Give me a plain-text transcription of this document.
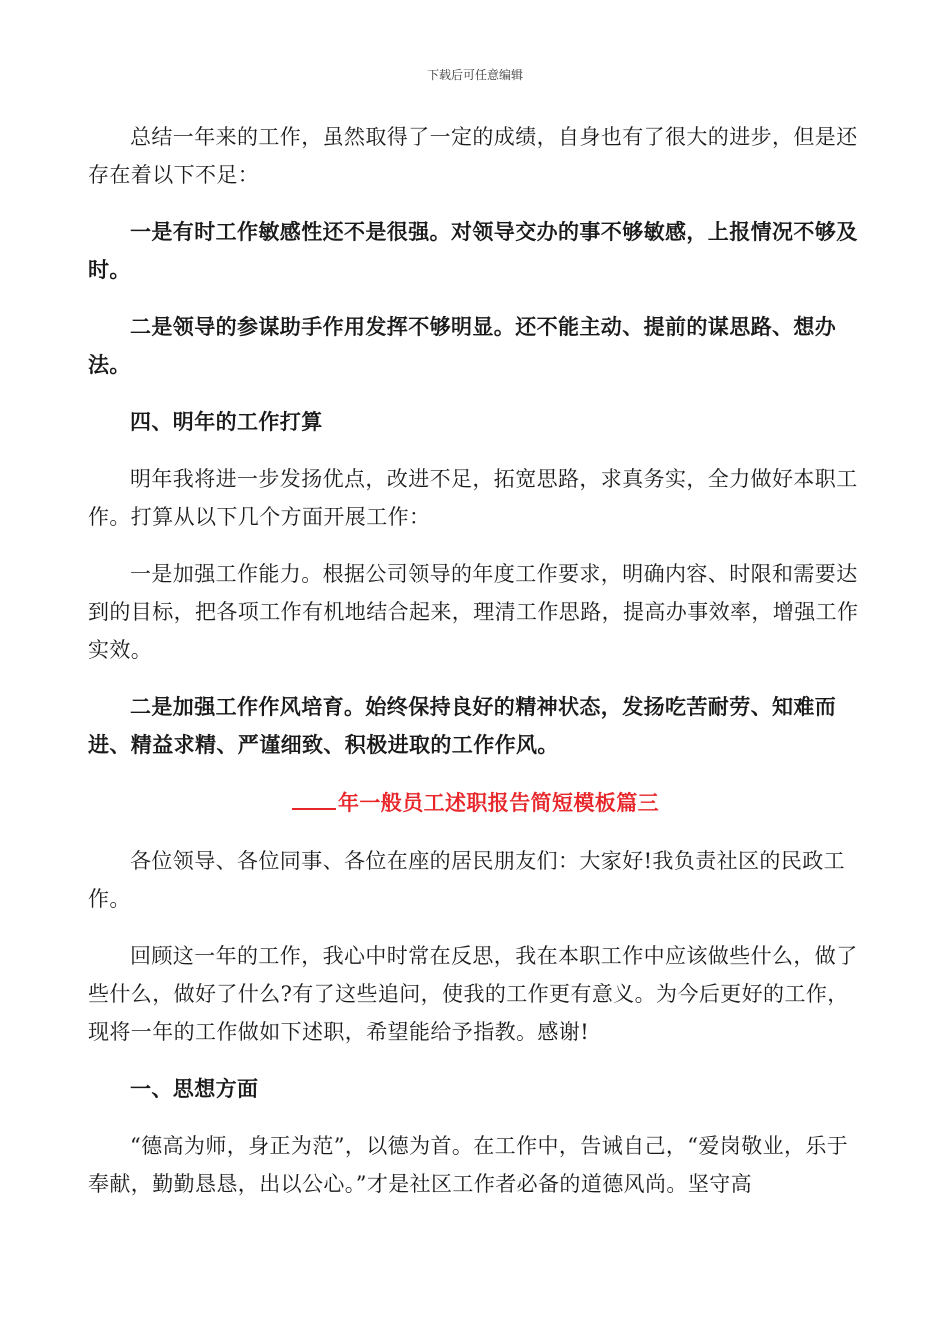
下载后可任意编辑

总结一年来的工作，虽然取得了一定的成绩，自身也有了很大的进步，但是还存在着以下不足：

一是有时工作敏感性还不是很强。对领导交办的事不够敏感，上报情况不够及时。

二是领导的参谋助手作用发挥不够明显。还不能主动、提前的谋思路、想办法。

四、明年的工作打算

明年我将进一步发扬优点，改进不足，拓宽思路，求真务实，全力做好本职工作。打算从以下几个方面开展工作：

一是加强工作能力。根据公司领导的年度工作要求，明确内容、时限和需要达到的目标，把各项工作有机地结合起来，理清工作思路，提高办事效率，增强工作实效。

二是加强工作作风培育。始终保持良好的精神状态，发扬吃苦耐劳、知难而进、精益求精、严谨细致、积极进取的工作作风。

年一般员工述职报告简短模板篇三

各位领导、各位同事、各位在座的居民朋友们：大家好!我负责社区的民政工作。

回顾这一年的工作，我心中时常在反思，我在本职工作中应该做些什么，做了些什么，做好了什么?有了这些追问，使我的工作更有意义。为今后更好的工作，现将一年的工作做如下述职，希望能给予指教。感谢!

一、思想方面

“德高为师，身正为范”，以德为首。在工作中，告诫自己，“爱岗敬业，乐于奉献，勤勤恳恳，出以公心。”才是社区工作者必备的道德风尚。坚守高
